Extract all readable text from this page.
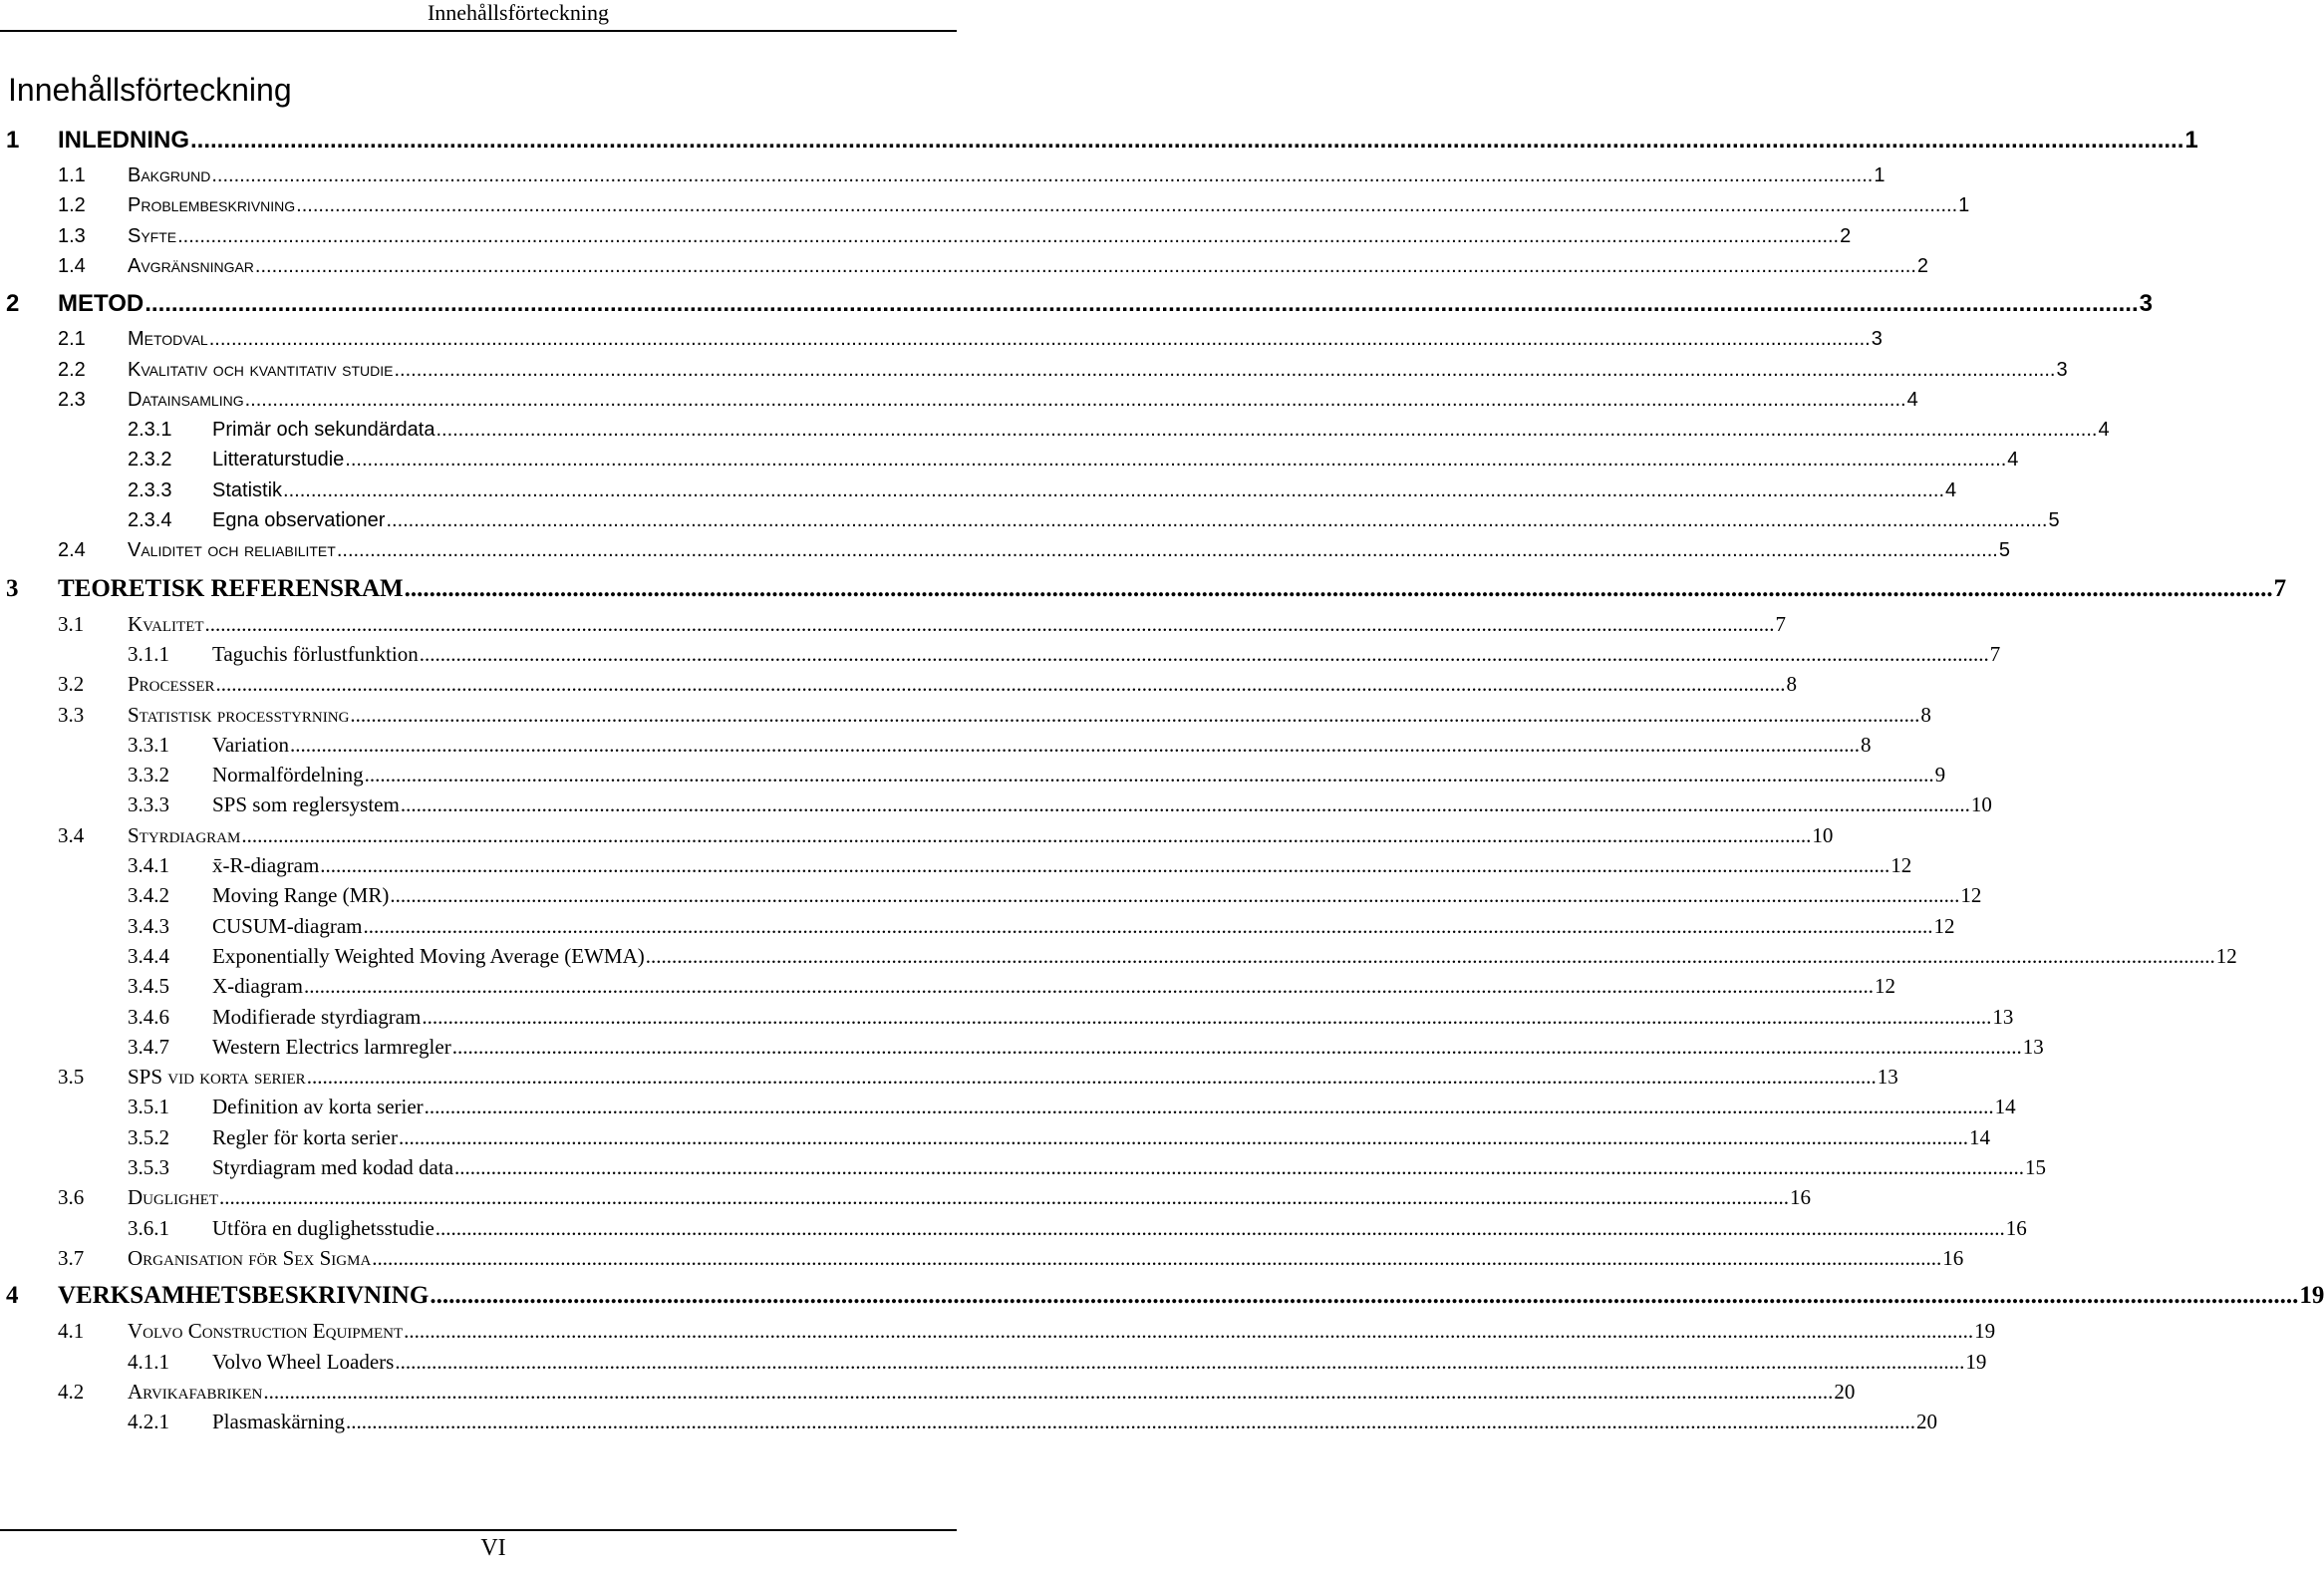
Innehållsförteckning
Innehållsförteckning
1 INLEDNING ............................................................................................................................................................................................................................................................................................................ 1
1.1 Bakgrund ............................................................................................................................................................................................................................................................................................................ 1
1.2 Problembeskrivning ............................................................................................................................................................................................................................................................................................................ 1
1.3 Syfte ............................................................................................................................................................................................................................................................................................................ 2
1.4 Avgränsningar ............................................................................................................................................................................................................................................................................................................ 2
2 METOD ............................................................................................................................................................................................................................................................................................................ 3
2.1 Metodval ............................................................................................................................................................................................................................................................................................................ 3
2.2 Kvalitativ och kvantitativ studie ............................................................................................................................................................................................................................................................................................................ 3
2.3 Datainsamling ............................................................................................................................................................................................................................................................................................................ 4
2.3.1 Primär och sekundärdata ............................................................................................................................................................................................................................................................................................................ 4
2.3.2 Litteraturstudie ............................................................................................................................................................................................................................................................................................................ 4
2.3.3 Statistik ............................................................................................................................................................................................................................................................................................................ 4
2.3.4 Egna observationer ............................................................................................................................................................................................................................................................................................................ 5
2.4 Validitet och reliabilitet ............................................................................................................................................................................................................................................................................................................ 5
3 TEORETISK REFERENSRAM ............................................................................................................................................................................................................................................................................................................ 7
3.1 Kvalitet ............................................................................................................................................................................................................................................................................................................ 7
3.1.1 Taguchis förlustfunktion ............................................................................................................................................................................................................................................................................................................ 7
3.2 Processer ............................................................................................................................................................................................................................................................................................................ 8
3.3 Statistisk processtyrning ............................................................................................................................................................................................................................................................................................................ 8
3.3.1 Variation ............................................................................................................................................................................................................................................................................................................ 8
3.3.2 Normalfördelning ............................................................................................................................................................................................................................................................................................................ 9
3.3.3 SPS som reglersystem ............................................................................................................................................................................................................................................................................................................ 10
3.4 Styrdiagram ............................................................................................................................................................................................................................................................................................................ 10
3.4.1 x̄-R-diagram ............................................................................................................................................................................................................................................................................................................ 12
3.4.2 Moving Range (MR) ............................................................................................................................................................................................................................................................................................................ 12
3.4.3 CUSUM-diagram ............................................................................................................................................................................................................................................................................................................ 12
3.4.4 Exponentially Weighted Moving Average (EWMA) ............................................................................................................................................................................................................................................................................................................ 12
3.4.5 X-diagram ............................................................................................................................................................................................................................................................................................................ 12
3.4.6 Modifierade styrdiagram ............................................................................................................................................................................................................................................................................................................ 13
3.4.7 Western Electrics larmregler ............................................................................................................................................................................................................................................................................................................ 13
3.5 SPS vid korta serier ............................................................................................................................................................................................................................................................................................................ 13
3.5.1 Definition av korta serier ............................................................................................................................................................................................................................................................................................................ 14
3.5.2 Regler för korta serier ............................................................................................................................................................................................................................................................................................................ 14
3.5.3 Styrdiagram med kodad data ............................................................................................................................................................................................................................................................................................................ 15
3.6 Duglighet ............................................................................................................................................................................................................................................................................................................ 16
3.6.1 Utföra en duglighetsstudie ............................................................................................................................................................................................................................................................................................................ 16
3.7 Organisation för Sex Sigma ............................................................................................................................................................................................................................................................................................................ 16
4 VERKSAMHETSBESKRIVNING ............................................................................................................................................................................................................................................................................................................ 19
4.1 Volvo Construction Equipment ............................................................................................................................................................................................................................................................................................................ 19
4.1.1 Volvo Wheel Loaders ............................................................................................................................................................................................................................................................................................................ 19
4.2 Arvikafabriken ............................................................................................................................................................................................................................................................................................................ 20
4.2.1 Plasmaskärning ............................................................................................................................................................................................................................................................................................................ 20
VI
